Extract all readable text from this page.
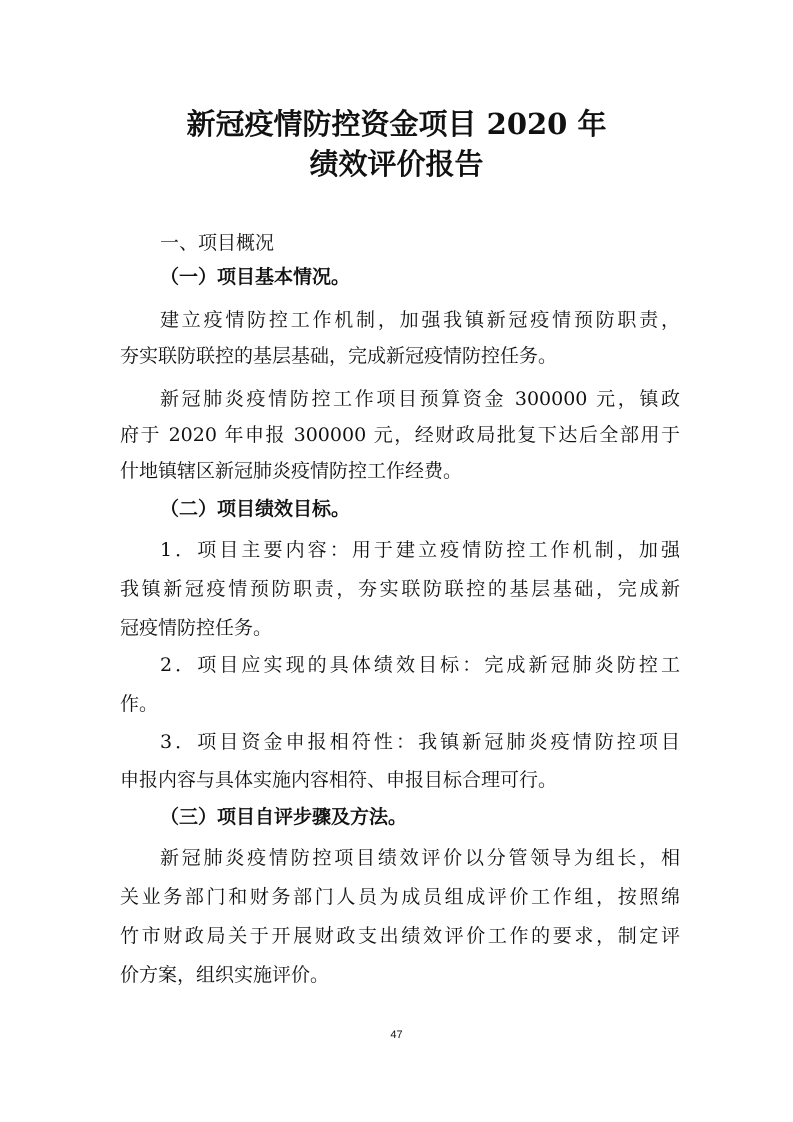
新冠疫情防控资金项目 2020 年
绩效评价报告
一、项目概况
（一）项目基本情况。
建立疫情防控工作机制，加强我镇新冠疫情预防职责，
夯实联防联控的基层基础，完成新冠疫情防控任务。
新冠肺炎疫情防控工作项目预算资金 300000 元，镇政
府于 2020 年申报 300000 元，经财政局批复下达后全部用于
什地镇辖区新冠肺炎疫情防控工作经费。
（二）项目绩效目标。
1．项目主要内容：用于建立疫情防控工作机制，加强
我镇新冠疫情预防职责，夯实联防联控的基层基础，完成新
冠疫情防控任务。
2．项目应实现的具体绩效目标：完成新冠肺炎防控工
作。
3．项目资金申报相符性：我镇新冠肺炎疫情防控项目
申报内容与具体实施内容相符、申报目标合理可行。
（三）项目自评步骤及方法。
新冠肺炎疫情防控项目绩效评价以分管领导为组长，相
关业务部门和财务部门人员为成员组成评价工作组，按照绵
竹市财政局关于开展财政支出绩效评价工作的要求，制定评
价方案，组织实施评价。
47
